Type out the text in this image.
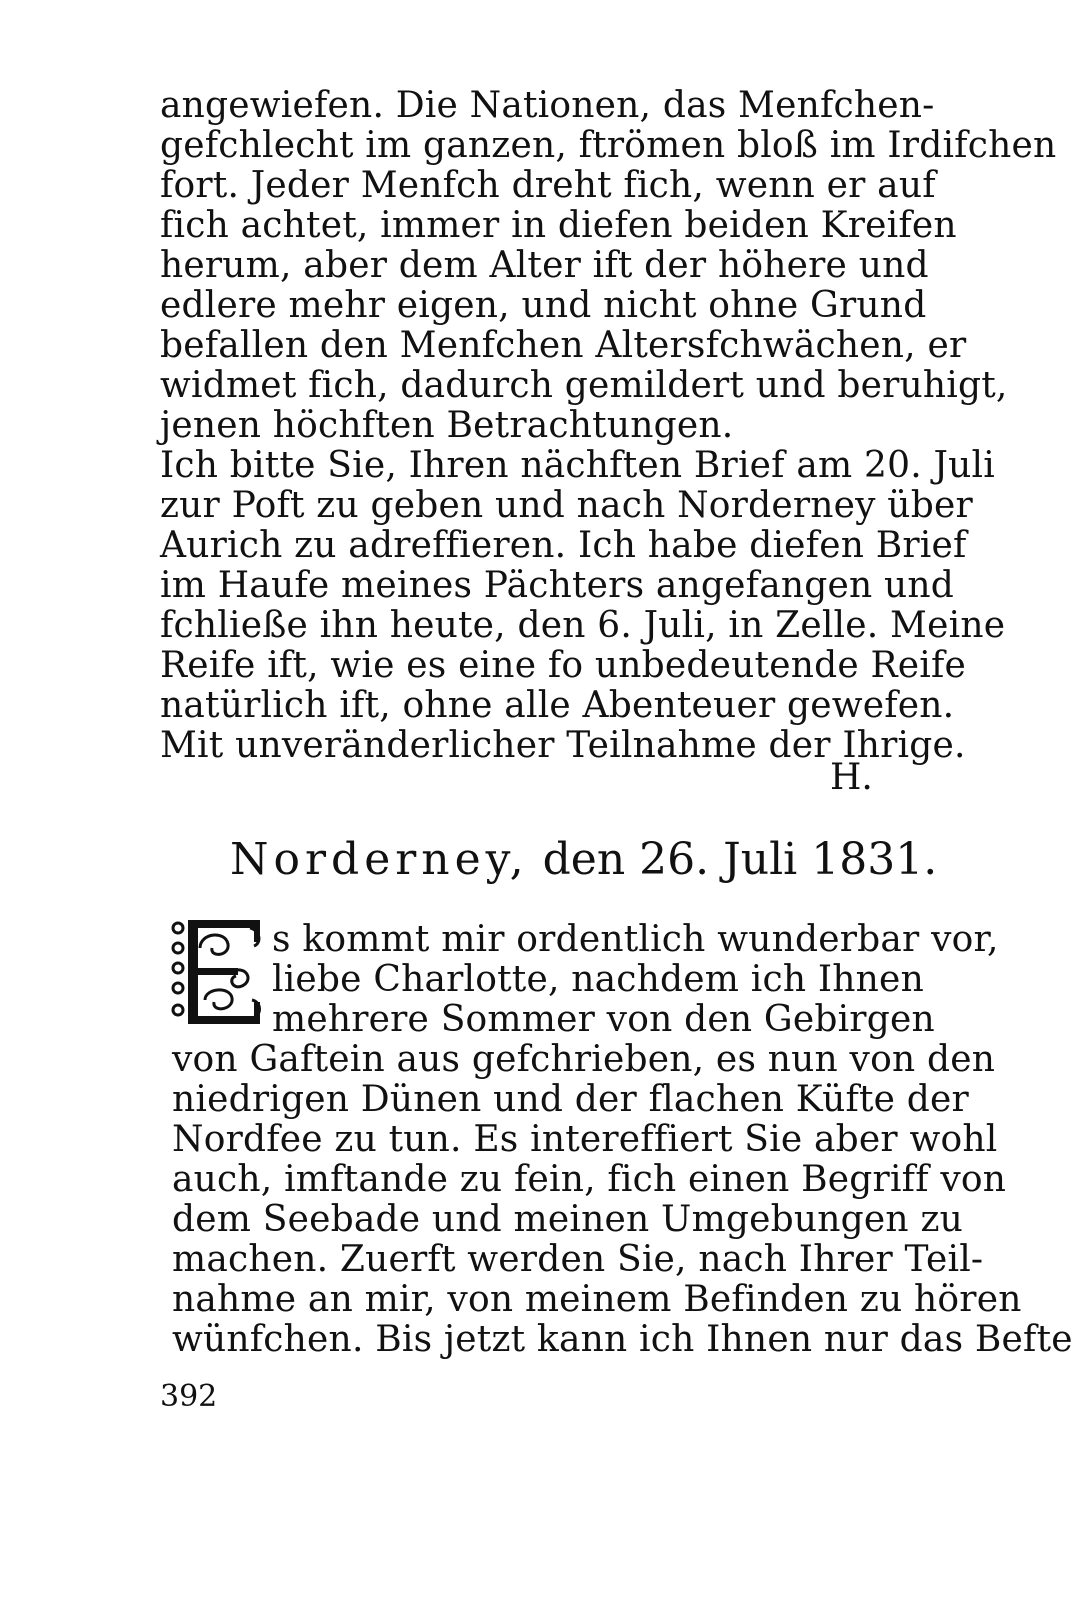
angewiefen. Die Nationen, das Menfchen-
gefchlecht im ganzen, ftrömen bloß im Irdifchen
fort. Jeder Menfch dreht fich, wenn er auf
fich achtet, immer in diefen beiden Kreifen
herum, aber dem Alter ift der höhere und
edlere mehr eigen, und nicht ohne Grund
befallen den Menfchen Altersfchwächen, er
widmet fich, dadurch gemildert und beruhigt,
jenen höchften Betrachtungen.
Ich bitte Sie, Ihren nächften Brief am 20. Juli
zur Poft zu geben und nach Norderney über
Aurich zu adreffieren. Ich habe diefen Brief
im Haufe meines Pächters angefangen und
fchließe ihn heute, den 6. Juli, in Zelle. Meine
Reife ift, wie es eine fo unbedeutende Reife
natürlich ift, ohne alle Abenteuer gewefen.
Mit unveränderlicher Teilnahme der Ihrige.
H.
Norderney, den 26. Juli 1831.
E
s kommt mir ordentlich wunderbar vor,
liebe Charlotte, nachdem ich Ihnen
mehrere Sommer von den Gebirgen
von Gaftein aus gefchrieben, es nun von den
niedrigen Dünen und der flachen Küfte der
Nordfee zu tun. Es intereffiert Sie aber wohl
auch, imftande zu fein, fich einen Begriff von
dem Seebade und meinen Umgebungen zu
machen. Zuerft werden Sie, nach Ihrer Teil-
nahme an mir, von meinem Befinden zu hören
wünfchen. Bis jetzt kann ich Ihnen nur das Befte
392
